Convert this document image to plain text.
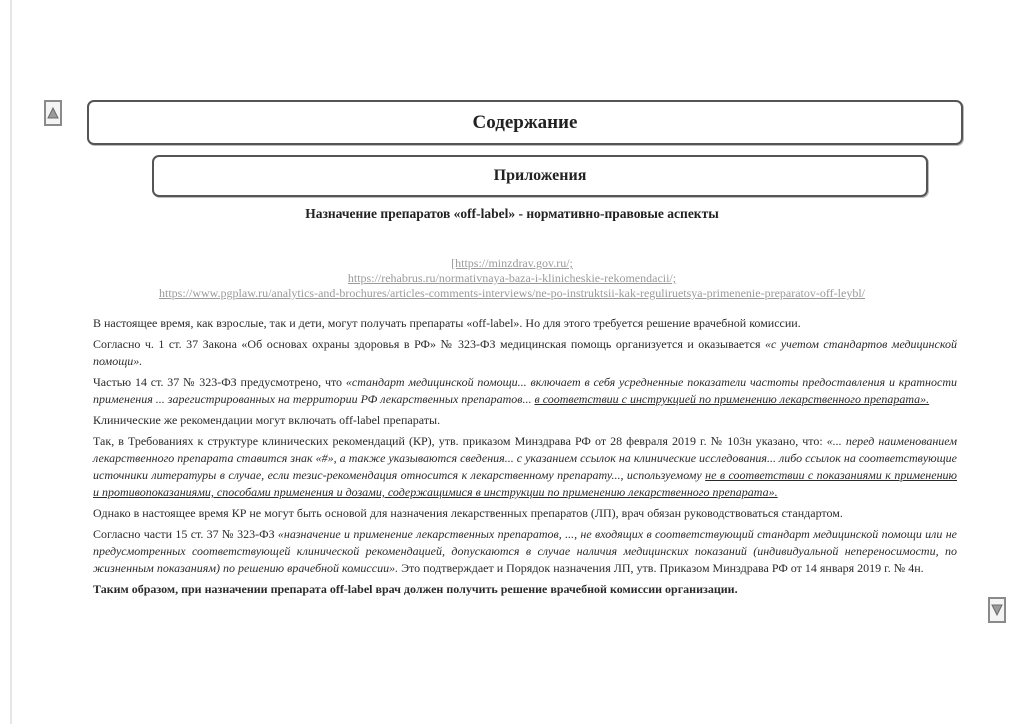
Содержание
Приложения
Назначение препаратов «off-label» - нормативно-правовые аспекты
[https://minzdrav.gov.ru/;
https://rehabrus.ru/normativnaya-baza-i-klinicheskie-rekomendacii/;
https://www.pgplaw.ru/analytics-and-brochures/articles-comments-interviews/ne-po-instruktsii-kak-reguliruetsya-primenenie-preparatov-off-leybl/

В настоящее время, как взрослые, так и дети, могут получать препараты «off-label». Но для этого требуется решение врачебной комиссии.

Согласно ч. 1 ст. 37 Закона «Об основах охраны здоровья в РФ» № 323-ФЗ медицинская помощь организуется и оказывается «с учетом стандартов медицинской помощи».

Частью 14 ст. 37 № 323-ФЗ предусмотрено, что «стандарт медицинской помощи... включает в себя усредненные показатели частоты предоставления и кратности применения ... зарегистрированных на территории РФ лекарственных препаратов... в соответствии с инструкцией по применению лекарственного препарата».

Клинические же рекомендации могут включать off-label препараты.

Так, в Требованиях к структуре клинических рекомендаций (КР), утв. приказом Минздрава РФ от 28 февраля 2019 г. № 103н указано, что: «... перед наименованием лекарственного препарата ставится знак «#», а также указываются сведения... с указанием ссылок на клинические исследования... либо ссылок на соответствующие источники литературы в случае, если тезис-рекомендация относится к лекарственному препарату..., используемому не в соответствии с показаниями к применению и противопоказаниями, способами применения и дозами, содержащимися в инструкции по применению лекарственного препарата».

Однако в настоящее время КР не могут быть основой для назначения лекарственных препаратов (ЛП), врач обязан руководствоваться стандартом.

Согласно части 15 ст. 37 № 323-ФЗ «назначение и применение лекарственных препаратов, ..., не входящих в соответствующий стандарт медицинской помощи или не предусмотренных соответствующей клинической рекомендацией, допускаются в случае наличия медицинских показаний (индивидуальной непереносимости, по жизненным показаниям) по решению врачебной комиссии». Это подтверждает и Порядок назначения ЛП, утв. Приказом Минздрава РФ от 14 января 2019 г. № 4н.

Таким образом, при назначении препарата off-label врач должен получить решение врачебной комиссии организации.
